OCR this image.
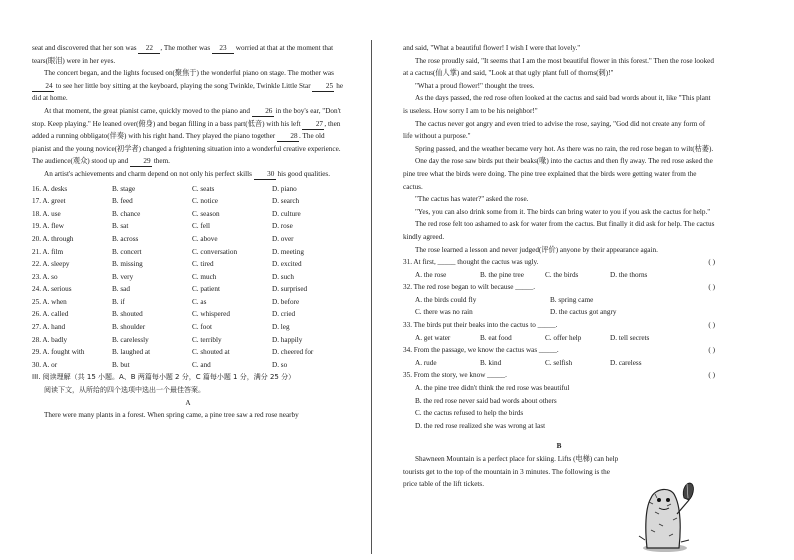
seat and discovered that her son was 22 , The mother was 23 worried at that at the moment that tears(眼泪) were in her eyes.

The concert began, and the lights focused on(聚焦于) the wonderful piano on stage. The mother was 24 to see her little boy sitting at the keyboard, playing the song Twinkle, Twinkle Little Star 25 he did at home.

At that moment, the great pianist came, quickly moved to the piano and 26 in the boy's ear, "Don't stop. Keep playing." He leaned over(俯身) and began filling in a bass part(低音) with his left 27, then added a running obbligato(伴奏) with his right hand. They played the piano together 28. The old pianist and the young novice(初学者) changed a frightening situation into a wonderful creative experience. The audience(观众) stood up and 29 them.

An artist's achievements and charm depend on not only his perfect skills 30 his good qualities.

16. A. desks	B. stage	C. seats	D. piano
17. A. greet	B. feed	C. notice	D. search
18. A. use	B. chance	C. season	D. culture
19. A. flew	B. sat	C. fell	D. rose
20. A. through	B. across	C. above	D. over
21. A. film	B. concert	C. conversation	D. meeting
22. A. sleepy	B. missing	C. tired	D. excited
23. A. so	B. very	C. much	D. such
24. A. serious	B. sad	C. patient	D. surprised
25. A. when	B. if	C. as	D. before
26. A. called	B. shouted	C. whispered	D. cried
27. A. hand	B. shoulder	C. foot	D. leg
28. A. badly	B. carelessly	C. terribly	D. happily
29. A. fought with	B. laughed at	C. shouted at	D. cheered for
30. A. or	B. but	C. and	D. so

III. 阅读理解（共 15 小题。A、B 两篇每小题 2 分，C 篇每小题 1 分，满分 25 分）

阅读下文，从所给的四个选项中选出一个最佳答案。

A

There were many plants in a forest. When spring came, a pine tree saw a red rose nearby

and said, "What a beautiful flower! I wish I were that lovely."

The rose proudly said, "It seems that I am the most beautiful flower in this forest." Then the rose looked at a cactus(仙人掌) and said, "Look at that ugly plant full of thorns(刺)!"

"What a proud flower!" thought the trees.

As the days passed, the red rose often looked at the cactus and said bad words about it, like "This plant is useless. How sorry I am to be his neighbor!"

The cactus never got angry and even tried to advise the rose, saying, "God did not create any form of life without a purpose."

Spring passed, and the weather became very hot. As there was no rain, the red rose began to wilt(枯萎).

One day the rose saw birds put their beaks(喙) into the cactus and then fly away. The red rose asked the pine tree what the birds were doing. The pine tree explained that the birds were getting water from the cactus.

"The cactus has water?" asked the rose.

"Yes, you can also drink some from it. The birds can bring water to you if you ask the cactus for help."

The red rose felt too ashamed to ask for water from the cactus. But finally it did ask for help. The cactus kindly agreed.

The rose learned a lesson and never judged(评价) anyone by their appearance again.

31. At first, _____ thought the cactus was ugly.	( )
A. the rose	B. the pine tree	C. the birds	D. the thorns
32. The red rose began to wilt because _____.	( )
A. the birds could fly	B. spring came
C. there was no rain	D. the cactus got angry
33. The birds put their beaks into the cactus to _____.	( )
A. get water	B. eat food	C. offer help	D. tell secrets
34. From the passage, we know the cactus was _____.	( )
A. rude	B. kind	C. selfish	D. careless
35. From the story, we know _____.	( )

A. the pine tree didn't think the red rose was beautiful

B. the red rose never said bad words about others

C. the cactus refused to help the birds

D. the red rose realized she was wrong at last

B

Shawneen Mountain is a perfect place for skiing. Lifts (电梯) can help tourists get to the top of the mountain in 3 minutes. The following is the price table of the lift tickets.
